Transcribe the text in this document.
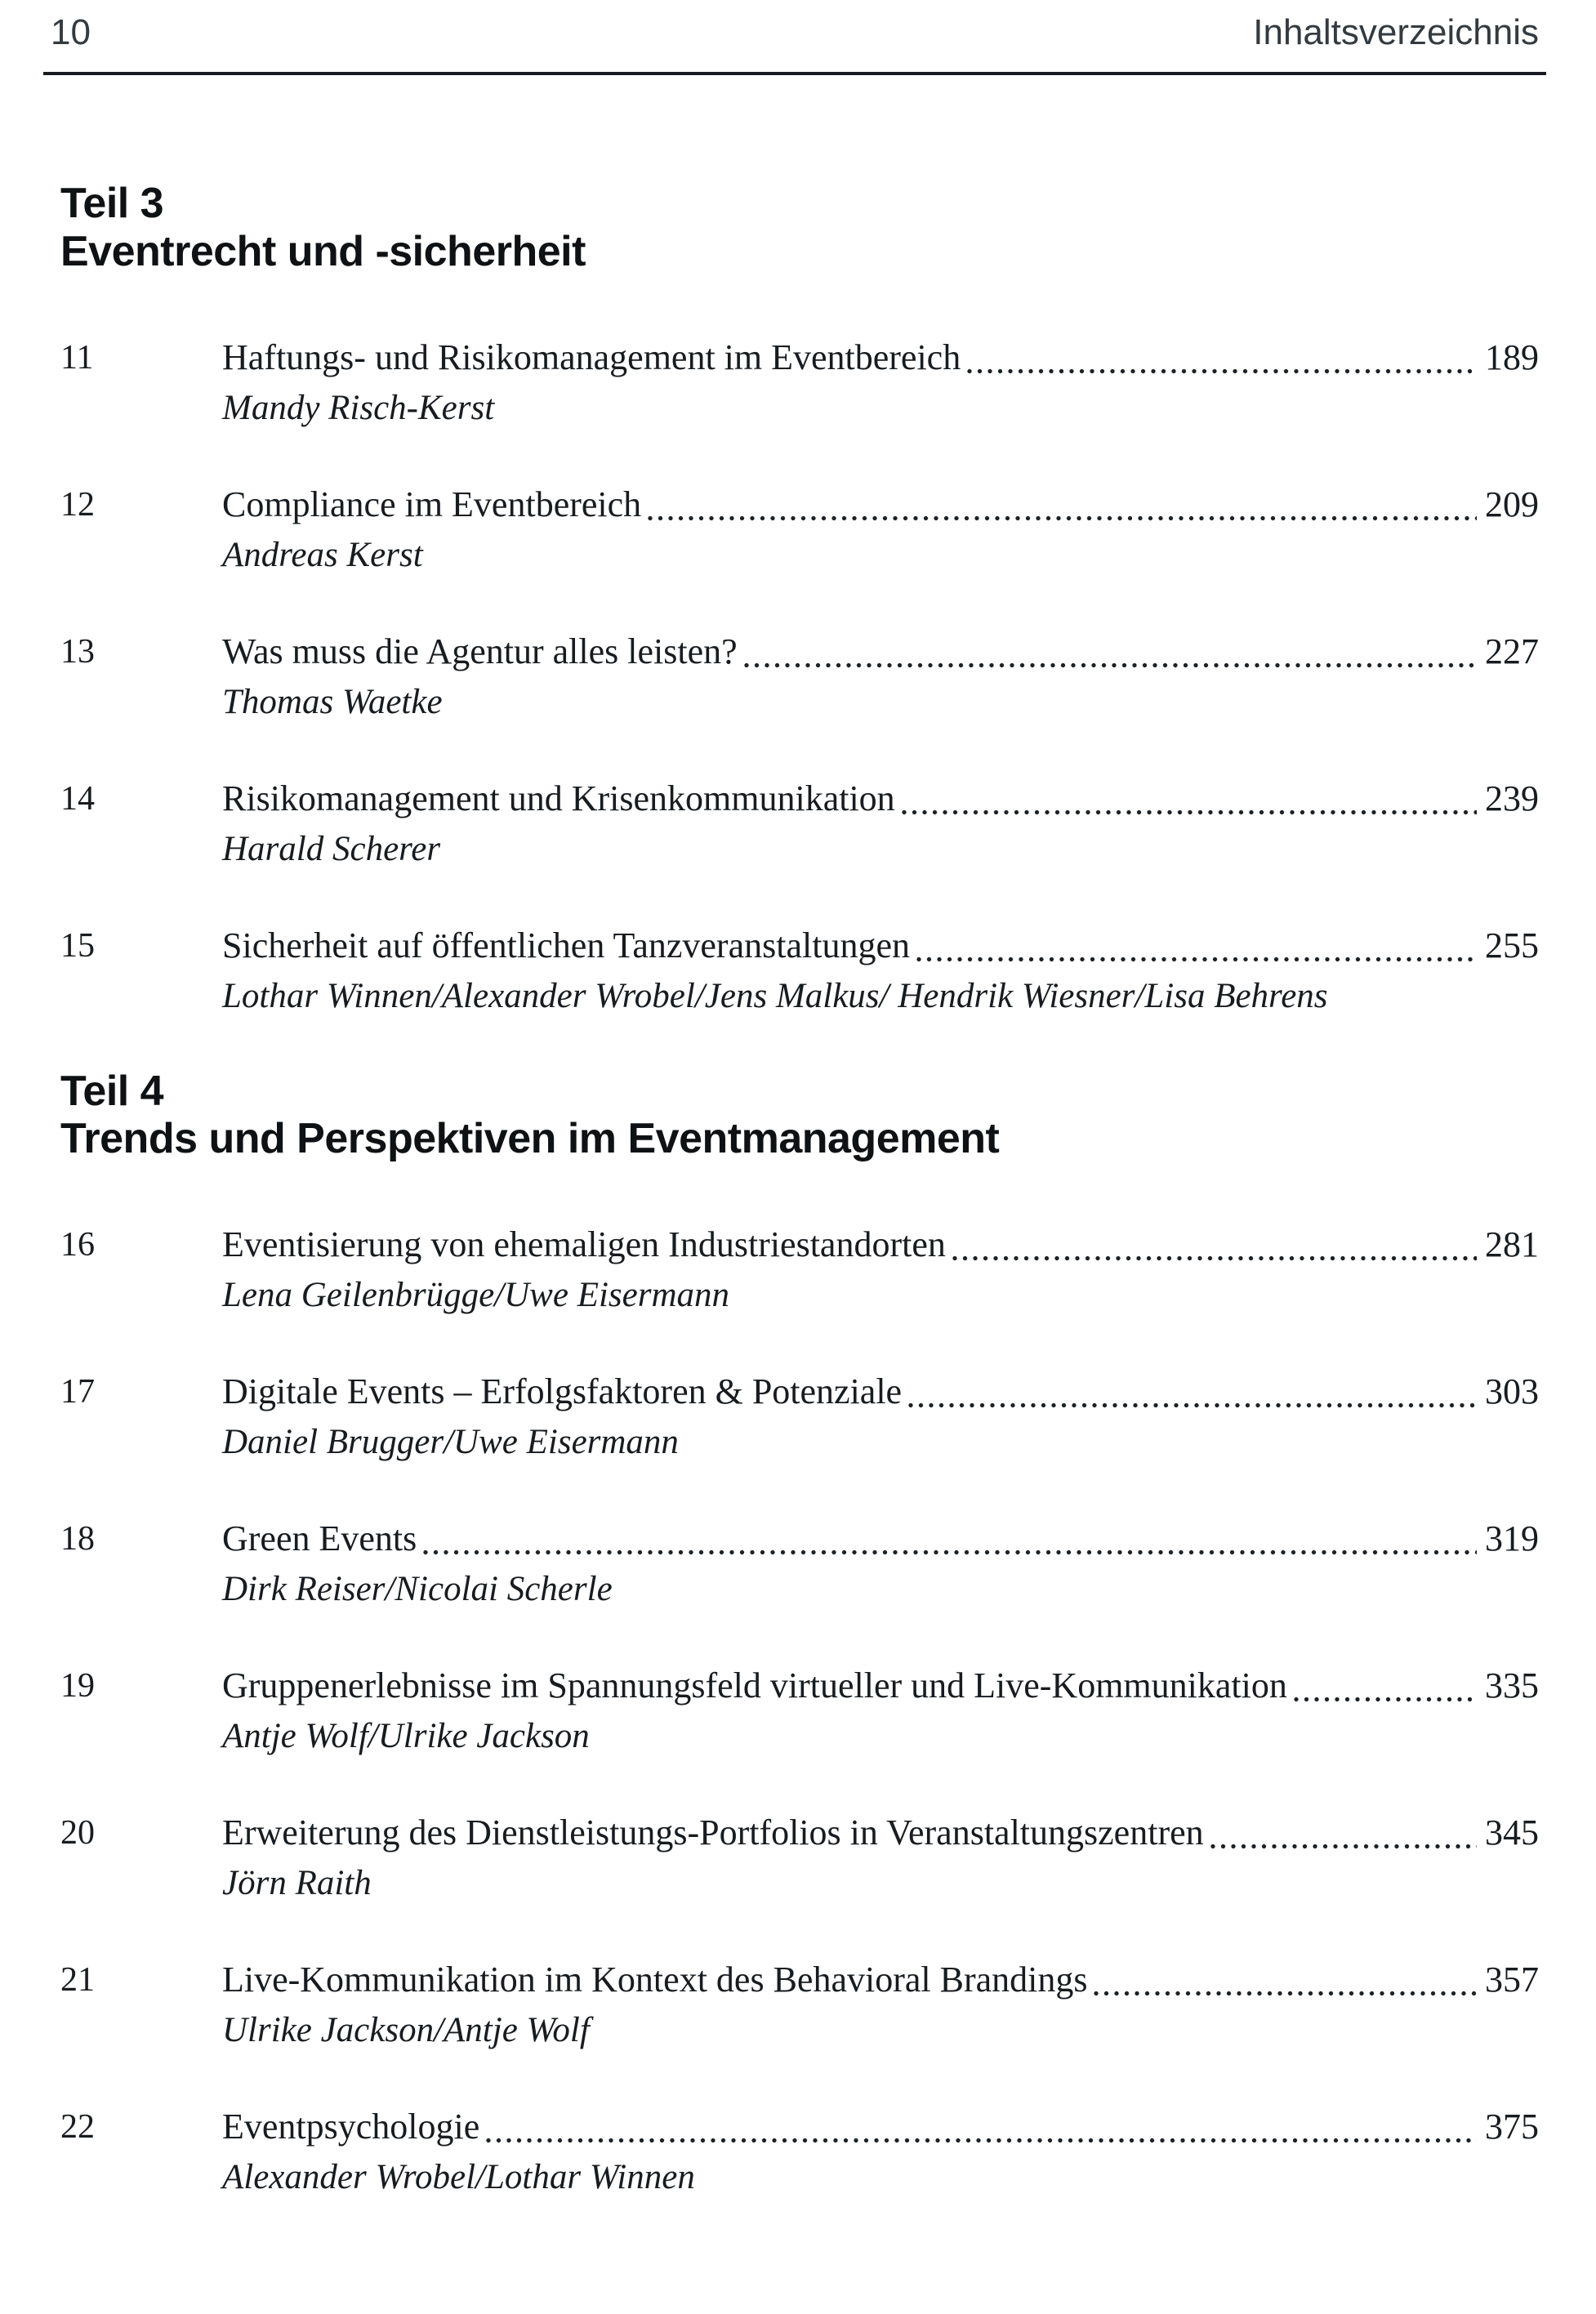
10	Inhaltsverzeichnis
Teil 3
Eventrecht und -sicherheit
11	Haftungs- und Risikomanagement im Eventbereich	189
Mandy Risch-Kerst
12	Compliance im Eventbereich	209
Andreas Kerst
13	Was muss die Agentur alles leisten?	227
Thomas Waetke
14	Risikomanagement und Krisenkommunikation	239
Harald Scherer
15	Sicherheit auf öffentlichen Tanzveranstaltungen	255
Lothar Winnen/Alexander Wrobel/Jens Malkus/ Hendrik Wiesner/Lisa Behrens
Teil 4
Trends und Perspektiven im Eventmanagement
16	Eventisierung von ehemaligen Industriestandorten	281
Lena Geilenbrügge/Uwe Eisermann
17	Digitale Events – Erfolgsfaktoren & Potenziale	303
Daniel Brugger/Uwe Eisermann
18	Green Events	319
Dirk Reiser/Nicolai Scherle
19	Gruppenerlebnisse im Spannungsfeld virtueller und Live-Kommunikation	335
Antje Wolf/Ulrike Jackson
20	Erweiterung des Dienstleistungs-Portfolios in Veranstaltungszentren	345
Jörn Raith
21	Live-Kommunikation im Kontext des Behavioral Brandings	357
Ulrike Jackson/Antje Wolf
22	Eventpsychologie	375
Alexander Wrobel/Lothar Winnen
